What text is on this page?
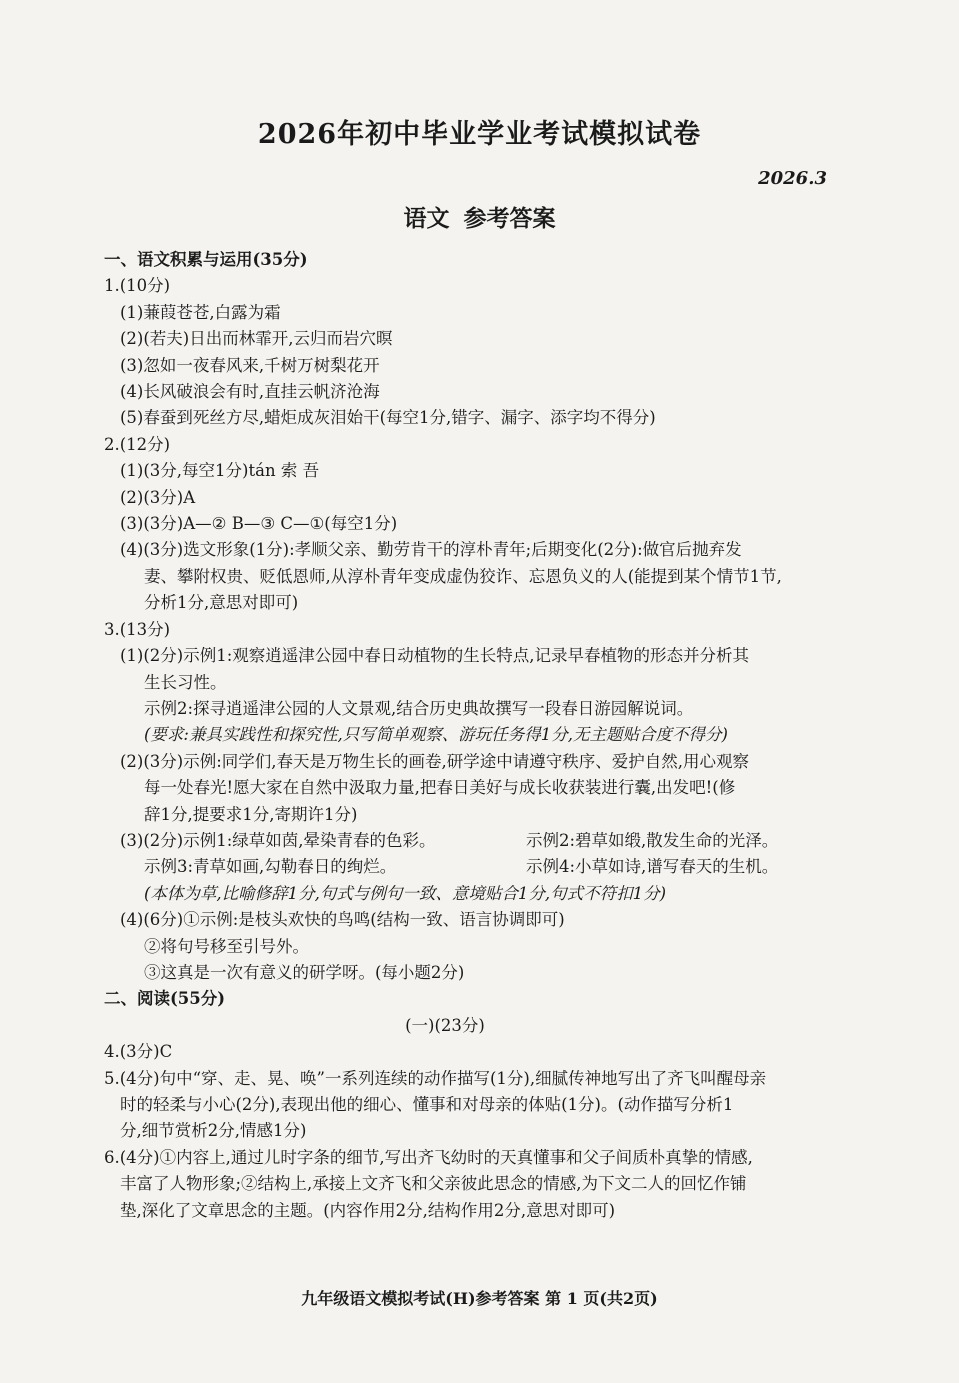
2026年初中毕业学业考试模拟试卷
2026.3
语文 参考答案
一、语文积累与运用(35分)
1.(10分)
(1)蒹葭苍苍,白露为霜
(2)(若夫)日出而林霏开,云归而岩穴暝
(3)忽如一夜春风来,千树万树梨花开
(4)长风破浪会有时,直挂云帆济沧海
(5)春蚕到死丝方尽,蜡炬成灰泪始干(每空1分,错字、漏字、添字均不得分)
2.(12分)
(1)(3分,每空1分)tán 索 吾
(2)(3分)A
(3)(3分)A—② B—③ C—①(每空1分)
(4)(3分)选文形象(1分):孝顺父亲、勤劳肯干的淳朴青年;后期变化(2分):做官后抛弃发
妻、攀附权贵、贬低恩师,从淳朴青年变成虚伪狡诈、忘恩负义的人(能提到某个情节1节,
分析1分,意思对即可)
3.(13分)
(1)(2分)示例1:观察逍遥津公园中春日动植物的生长特点,记录早春植物的形态并分析其
生长习性。
示例2:探寻逍遥津公园的人文景观,结合历史典故撰写一段春日游园解说词。
(要求:兼具实践性和探究性,只写简单观察、游玩任务得1分,无主题贴合度不得分)
(2)(3分)示例:同学们,春天是万物生长的画卷,研学途中请遵守秩序、爱护自然,用心观察
每一处春光!愿大家在自然中汲取力量,把春日美好与成长收获装进行囊,出发吧!(修
辞1分,提要求1分,寄期许1分)
(3)(2分)示例1:绿草如茵,晕染青春的色彩。	示例2:碧草如缎,散发生命的光泽。
示例3:青草如画,勾勒春日的绚烂。	示例4:小草如诗,谱写春天的生机。
(本体为草,比喻修辞1分,句式与例句一致、意境贴合1分,句式不符扣1分)
(4)(6分)①示例:是枝头欢快的鸟鸣(结构一致、语言协调即可)
②将句号移至引号外。
③这真是一次有意义的研学呀。(每小题2分)
二、阅读(55分)
(一)(23分)
4.(3分)C
5.(4分)句中“穿、走、晃、唤”一系列连续的动作描写(1分),细腻传神地写出了齐飞叫醒母亲
时的轻柔与小心(2分),表现出他的细心、懂事和对母亲的体贴(1分)。(动作描写分析1
分,细节赏析2分,情感1分)
6.(4分)①内容上,通过儿时字条的细节,写出齐飞幼时的天真懂事和父子间质朴真挚的情感,
丰富了人物形象;②结构上,承接上文齐飞和父亲彼此思念的情感,为下文二人的回忆作铺
垫,深化了文章思念的主题。(内容作用2分,结构作用2分,意思对即可)
九年级语文模拟考试(H)参考答案 第 1 页(共2页)
